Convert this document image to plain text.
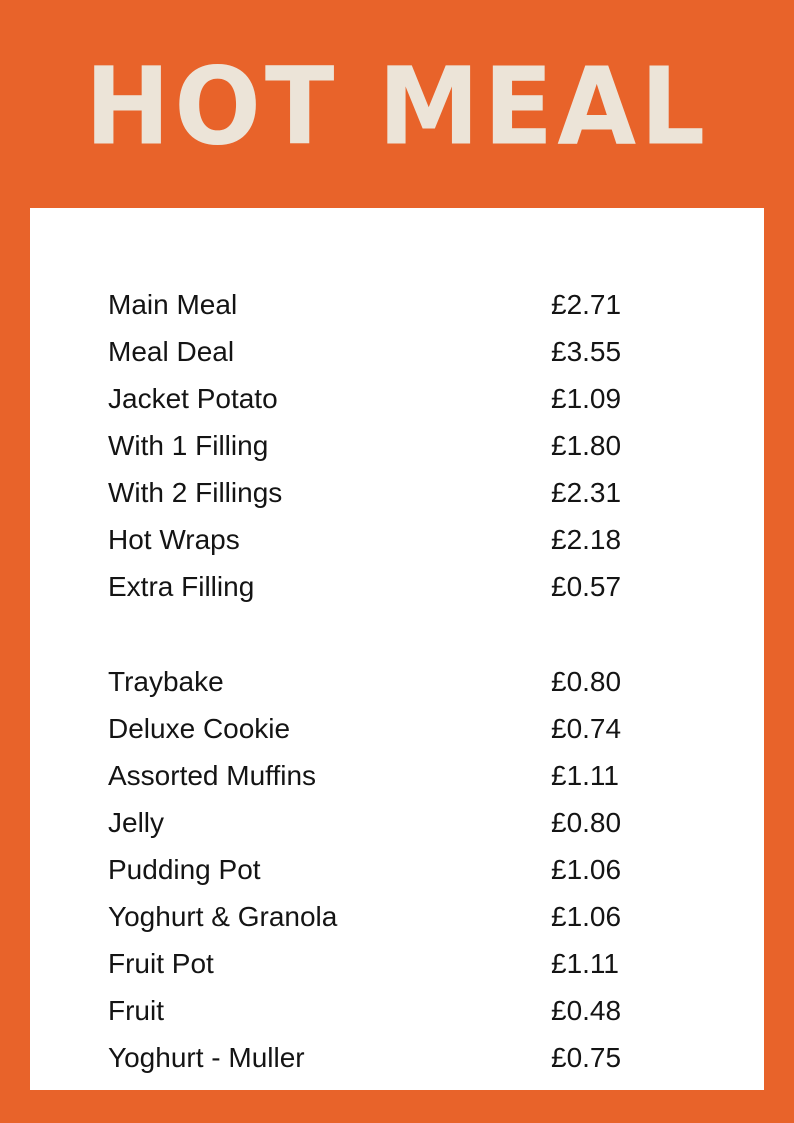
HOT MEAL
Main Meal	£2.71
Meal Deal	£3.55
Jacket Potato	£1.09
With 1 Filling	£1.80
With 2 Fillings	£2.31
Hot Wraps	£2.18
Extra Filling	£0.57
Traybake	£0.80
Deluxe Cookie	£0.74
Assorted Muffins	£1.11
Jelly	£0.80
Pudding Pot	£1.06
Yoghurt & Granola	£1.06
Fruit Pot	£1.11
Fruit	£0.48
Yoghurt - Muller	£0.75
